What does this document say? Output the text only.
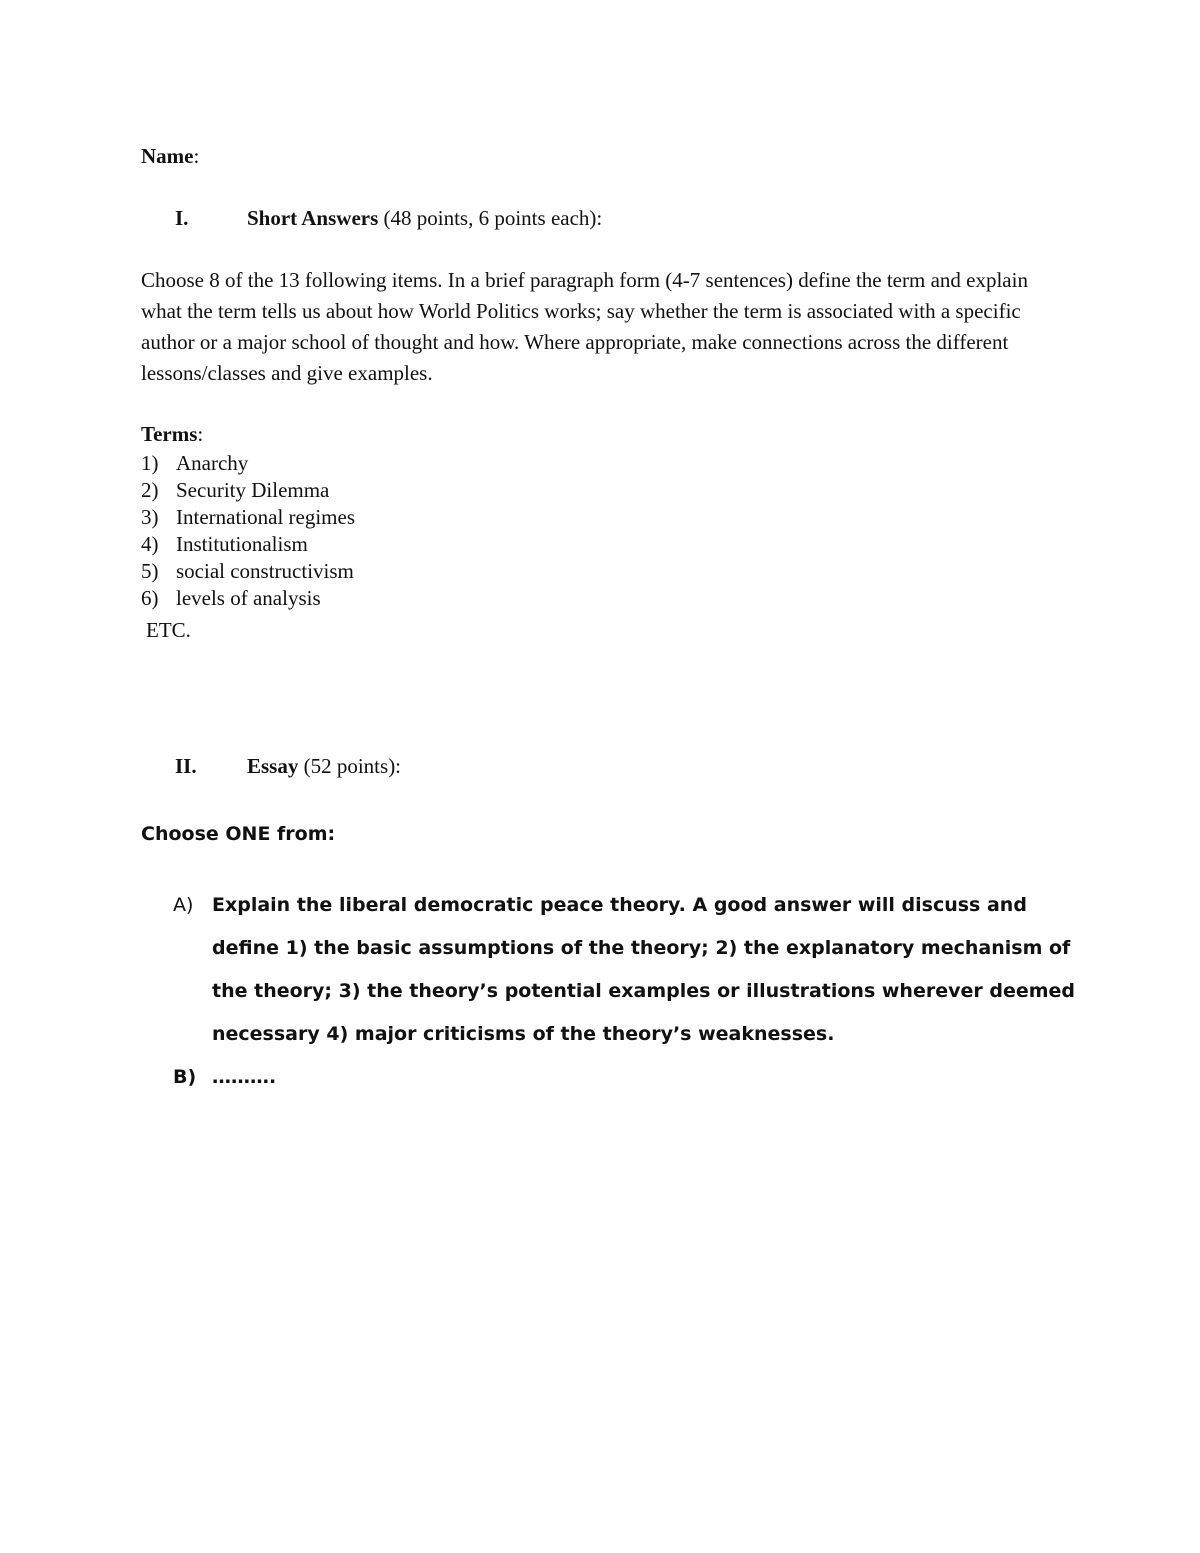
Name:
I.	Short Answers (48 points, 6 points each):
Choose 8 of the 13 following items. In a brief paragraph form (4-7 sentences) define the term and explain what the term tells us about how World Politics works; say whether the term is associated with a specific author or a major school of thought and how. Where appropriate, make connections across the different lessons/classes and give examples.
Terms:
1) Anarchy
2) Security Dilemma
3) International regimes
4) Institutionalism
5) social constructivism
6) levels of analysis
ETC.
II. Essay (52 points):
Choose ONE from:
A) Explain the liberal democratic peace theory. A good answer will discuss and define 1) the basic assumptions of the theory; 2) the explanatory mechanism of the theory; 3) the theory’s potential examples or illustrations wherever deemed necessary 4) major criticisms of the theory’s weaknesses.
B) ……….
